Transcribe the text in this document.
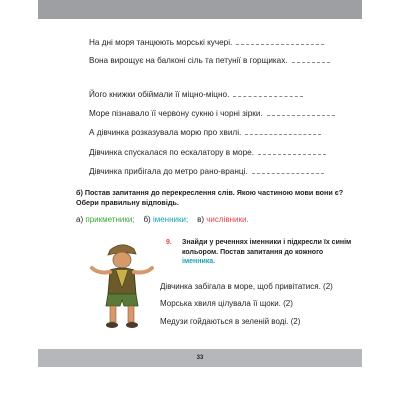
На дні моря танцюють морські кучері.
Вона вирощує на балконі сіль та петунії в горщиках.
Його книжки обіймали її міцно-міцно.
Море пізнавало її червону сукню і чорні зірки.
А дівчинка розказувала морю про хвилі.
Дівчинка спускалася по ескалатору в море.
Дівчинка прибігала до метро рано-вранці.
б) Постав запитання до перекреслення слів. Якою частиною мови вони є? Обери правильну відповідь.
а) прикметники; б) іменники; в) числівники.
9. Знайди у реченнях іменники і підкресли їх синім кольором. Постав запитання до кожного іменника.
Дівчинка забігала в море, щоб привітатися. (2)
Морська хвиля цілувала її щоки. (2)
Медузи гойдаються в зеленій воді. (2)
33
